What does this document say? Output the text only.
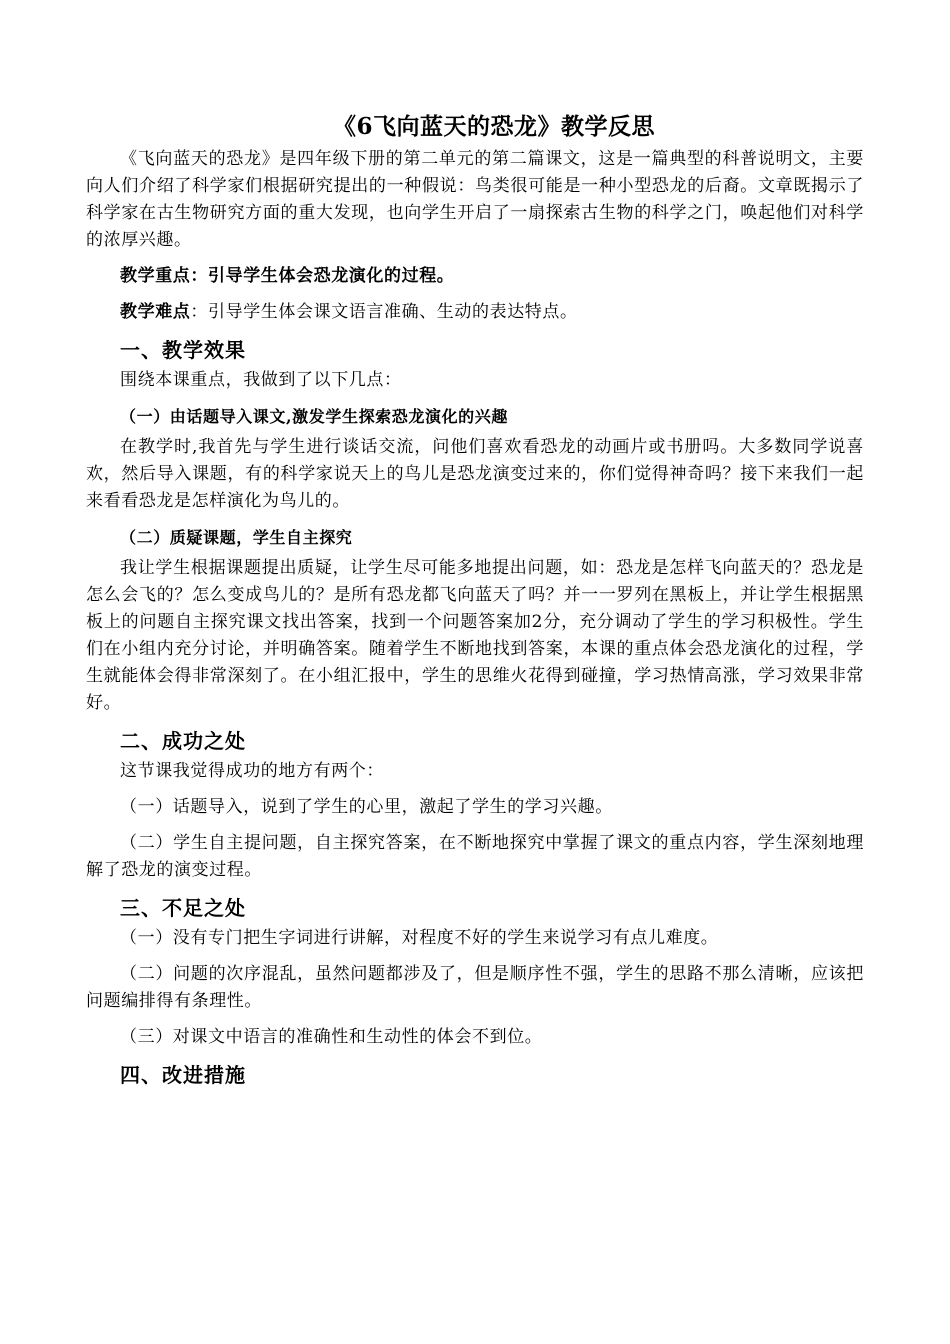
《6飞向蓝天的恐龙》教学反思

《飞向蓝天的恐龙》是四年级下册的第二单元的第二篇课文，这是一篇典型的科普说明文，主要向人们介绍了科学家们根据研究提出的一种假说：鸟类很可能是一种小型恐龙的后裔。文章既揭示了科学家在古生物研究方面的重大发现，也向学生开启了一扇探索古生物的科学之门，唤起他们对科学的浓厚兴趣。

教学重点：引导学生体会恐龙演化的过程。

教学难点：引导学生体会课文语言准确、生动的表达特点。

一、教学效果

围绕本课重点，我做到了以下几点：

（一）由话题导入课文,激发学生探索恐龙演化的兴趣

在教学时,我首先与学生进行谈话交流，问他们喜欢看恐龙的动画片或书册吗。大多数同学说喜欢，然后导入课题，有的科学家说天上的鸟儿是恐龙演变过来的，你们觉得神奇吗？接下来我们一起来看看恐龙是怎样演化为鸟儿的。

（二）质疑课题，学生自主探究

我让学生根据课题提出质疑，让学生尽可能多地提出问题，如：恐龙是怎样飞向蓝天的？恐龙是怎么会飞的？怎么变成鸟儿的？是所有恐龙都飞向蓝天了吗？并一一罗列在黑板上，并让学生根据黑板上的问题自主探究课文找出答案，找到一个问题答案加2分，充分调动了学生的学习积极性。学生们在小组内充分讨论，并明确答案。随着学生不断地找到答案，本课的重点体会恐龙演化的过程，学生就能体会得非常深刻了。在小组汇报中，学生的思维火花得到碰撞，学习热情高涨，学习效果非常好。

二、成功之处

这节课我觉得成功的地方有两个：

（一）话题导入，说到了学生的心里，激起了学生的学习兴趣。

（二）学生自主提问题，自主探究答案，在不断地探究中掌握了课文的重点内容，学生深刻地理解了恐龙的演变过程。

三、不足之处

（一）没有专门把生字词进行讲解，对程度不好的学生来说学习有点儿难度。

（二）问题的次序混乱，虽然问题都涉及了，但是顺序性不强，学生的思路不那么清晰，应该把问题编排得有条理性。

（三）对课文中语言的准确性和生动性的体会不到位。

四、改进措施
